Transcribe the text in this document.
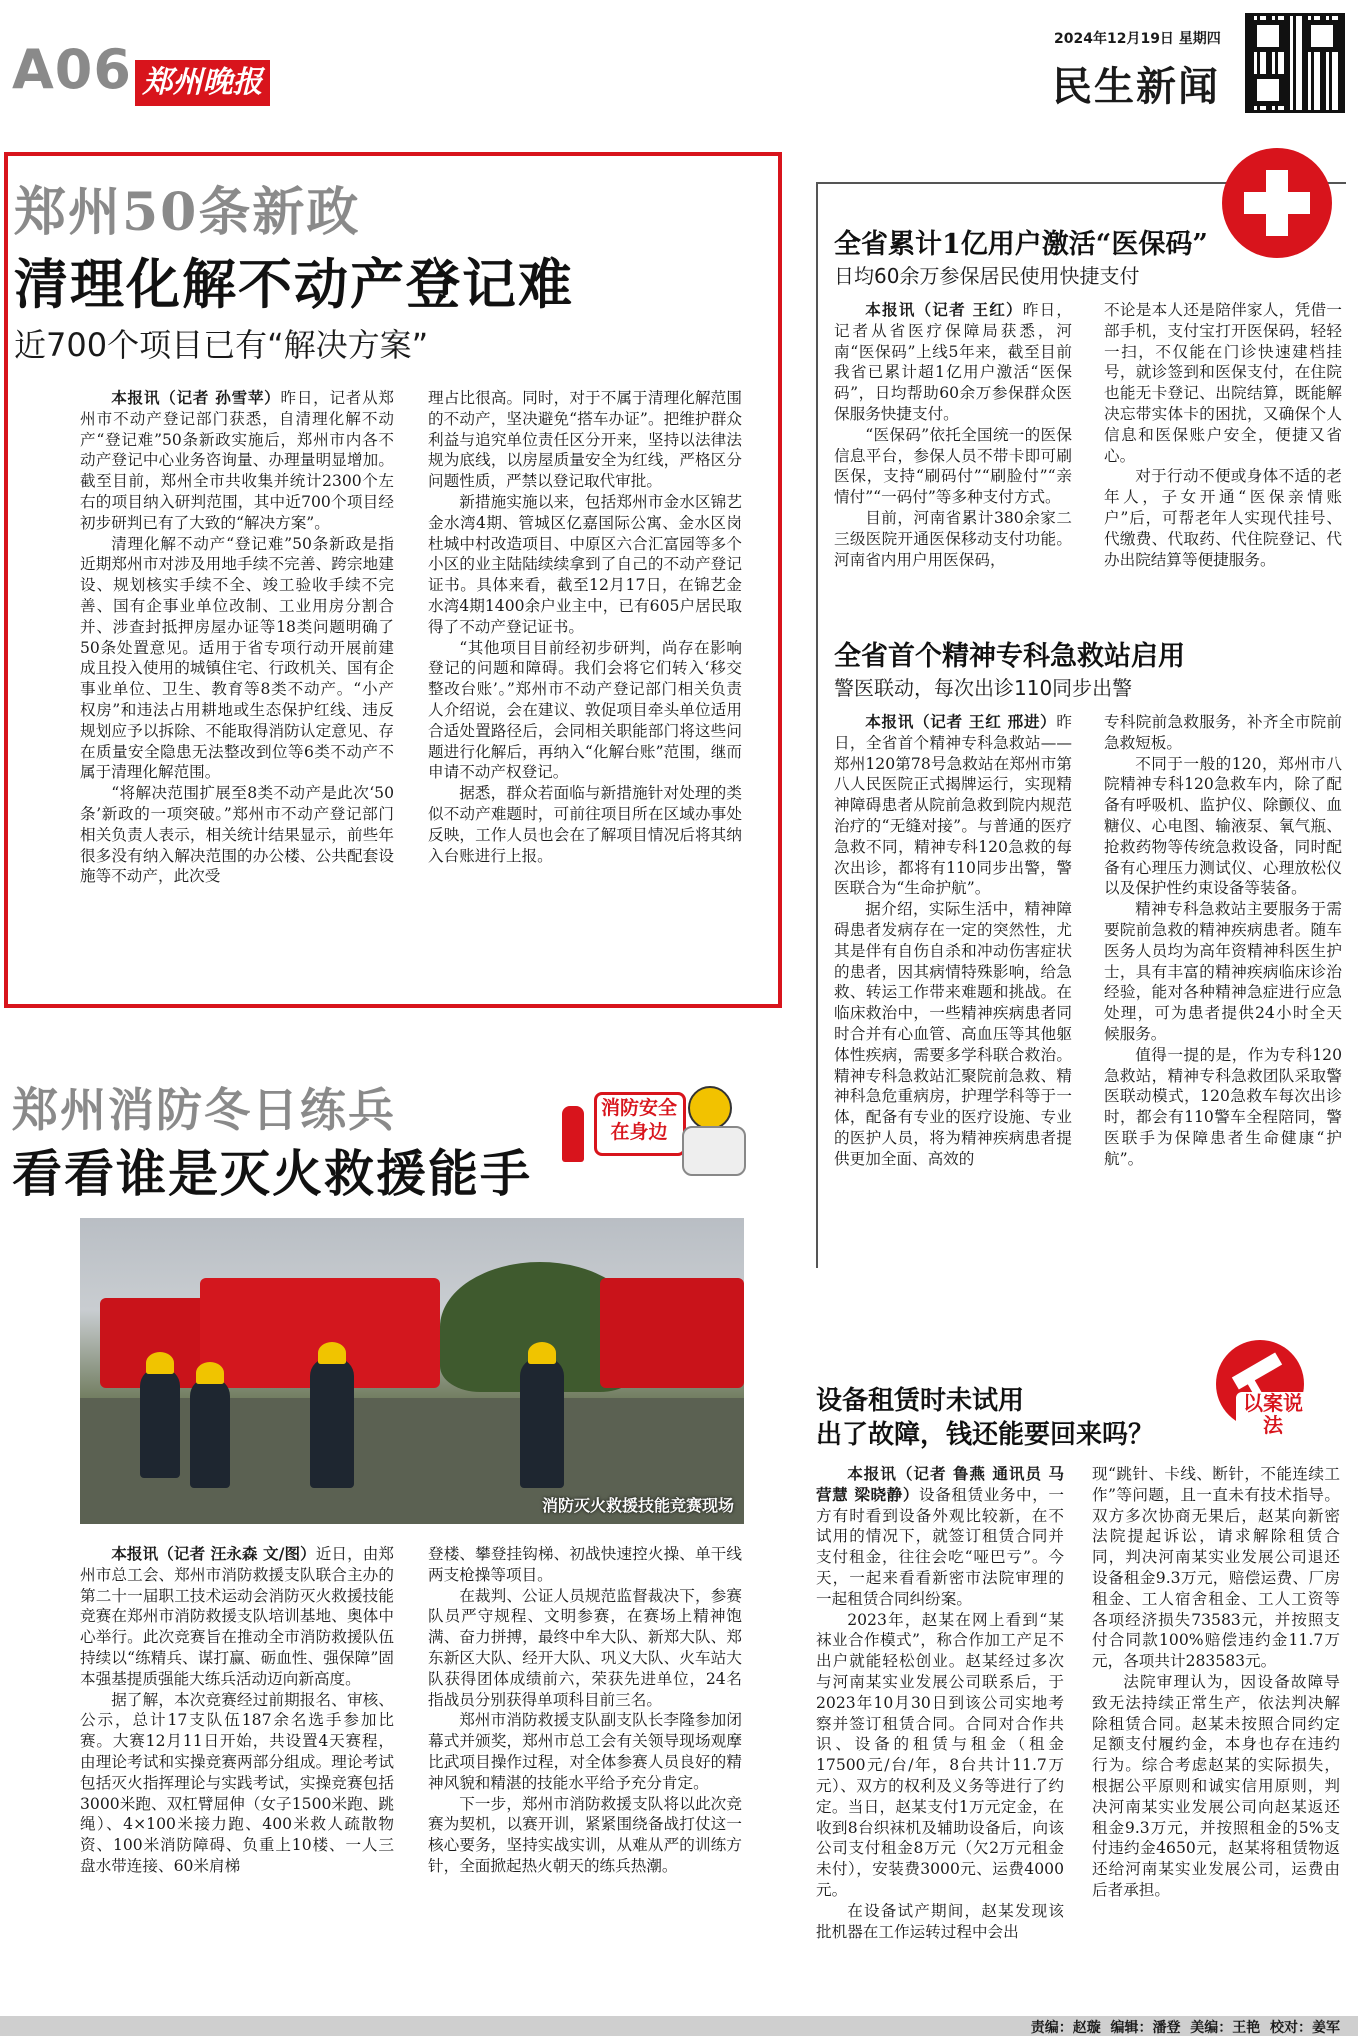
A06 郑州晚报
2024年12月19日 星期四
民生新闻
郑州50条新政
清理化解不动产登记难
近700个项目已有“解决方案”

本报讯（记者 孙雪苹）昨日，记者从郑州市不动产登记部门获悉，自清理化解不动产“登记难”50条新政实施后，郑州市内各不动产登记中心业务咨询量、办理量明显增加。截至目前，郑州全市共收集并统计2300个左右的项目纳入研判范围，其中近700个项目经初步研判已有了大致的“解决方案”。

清理化解不动产“登记难”50条新政是指近期郑州市对涉及用地手续不完善、跨宗地建设、规划核实手续不全、竣工验收手续不完善、国有企事业单位改制、工业用房分割合并、涉查封抵押房屋办证等18类问题明确了50条处置意见。适用于省专项行动开展前建成且投入使用的城镇住宅、行政机关、国有企事业单位、卫生、教育等8类不动产。“小产权房”和违法占用耕地或生态保护红线、违反规划应予以拆除、不能取得消防认定意见、存在质量安全隐患无法整改到位等6类不动产不属于清理化解范围。

“将解决范围扩展至8类不动产是此次‘50条’新政的一项突破。”郑州市不动产登记部门相关负责人表示，相关统计结果显示，前些年很多没有纳入解决范围的办公楼、公共配套设施等不动产，此次受

理占比很高。同时，对于不属于清理化解范围的不动产，坚决避免“搭车办证”。把维护群众利益与追究单位责任区分开来，坚持以法律法规为底线，以房屋质量安全为红线，严格区分问题性质，严禁以登记取代审批。

新措施实施以来，包括郑州市金水区锦艺金水湾4期、管城区亿嘉国际公寓、金水区岗杜城中村改造项目、中原区六合汇富园等多个小区的业主陆陆续续拿到了自己的不动产登记证书。具体来看，截至12月17日，在锦艺金水湾4期1400余户业主中，已有605户居民取得了不动产登记证书。

“其他项目目前经初步研判，尚存在影响登记的问题和障碍。我们会将它们转入‘移交整改台账’。”郑州市不动产登记部门相关负责人介绍说，会在建议、敦促项目牵头单位适用合适处置路径后，会同相关职能部门将这些问题进行化解后，再纳入“化解台账”范围，继而申请不动产权登记。

据悉，群众若面临与新措施针对处理的类似不动产难题时，可前往项目所在区域办事处反映，工作人员也会在了解项目情况后将其纳入台账进行上报。

郑州消防冬日练兵
看看谁是灭火救援能手
消防安全在身边
消防灭火救援技能竞赛现场

本报讯（记者 汪永森 文/图）近日，由郑州市总工会、郑州市消防救援支队联合主办的第二十一届职工技术运动会消防灭火救援技能竞赛在郑州市消防救援支队培训基地、奥体中心举行。此次竞赛旨在推动全市消防救援队伍持续以“练精兵、谋打赢、砺血性、强保障”固本强基提质强能大练兵活动迈向新高度。

据了解，本次竞赛经过前期报名、审核、公示，总计17支队伍187余名选手参加比赛。大赛12月11日开始，共设置4天赛程，由理论考试和实操竞赛两部分组成。理论考试包括灭火指挥理论与实践考试，实操竞赛包括3000米跑、双杠臂屈伸（女子1500米跑、跳绳）、4×100米接力跑、400米救人疏散物资、100米消防障碍、负重上10楼、一人三盘水带连接、60米肩梯

登楼、攀登挂钩梯、初战快速控火操、单干线两支枪操等项目。

在裁判、公证人员规范监督裁决下，参赛队员严守规程、文明参赛，在赛场上精神饱满、奋力拼搏，最终中牟大队、新郑大队、郑东新区大队、经开大队、巩义大队、火车站大队获得团体成绩前六，荣获先进单位，24名指战员分别获得单项科目前三名。

郑州市消防救援支队副支队长李隆参加闭幕式并颁奖，郑州市总工会有关领导现场观摩比武项目操作过程，对全体参赛人员良好的精神风貌和精湛的技能水平给予充分肯定。

下一步，郑州市消防救援支队将以此次竞赛为契机，以赛开训，紧紧围绕备战打仗这一核心要务，坚持实战实训，从难从严的训练方针，全面掀起热火朝天的练兵热潮。

全省累计1亿用户激活“医保码”
日均60余万参保居民使用快捷支付

本报讯（记者 王红）昨日，记者从省医疗保障局获悉，河南“医保码”上线5年来，截至目前我省已累计超1亿用户激活“医保码”，日均帮助60余万参保群众医保服务快捷支付。

“医保码”依托全国统一的医保信息平台，参保人员不带卡即可刷医保，支持“刷码付”“刷脸付”“亲情付”“一码付”等多种支付方式。

目前，河南省累计380余家二三级医院开通医保移动支付功能。河南省内用户用医保码，

不论是本人还是陪伴家人，凭借一部手机，支付宝打开医保码，轻轻一扫，不仅能在门诊快速建档挂号，就诊签到和医保支付，在住院也能无卡登记、出院结算，既能解决忘带实体卡的困扰，又确保个人信息和医保账户安全，便捷又省心。

对于行动不便或身体不适的老年人，子女开通“医保亲情账户”后，可帮老年人实现代挂号、代缴费、代取药、代住院登记、代办出院结算等便捷服务。

全省首个精神专科急救站启用
警医联动，每次出诊110同步出警

本报讯（记者 王红 邢进）昨日，全省首个精神专科急救站——郑州120第78号急救站在郑州市第八人民医院正式揭牌运行，实现精神障碍患者从院前急救到院内规范治疗的“无缝对接”。与普通的医疗急救不同，精神专科120急救的每次出诊，都将有110同步出警，警医联合为“生命护航”。

据介绍，实际生活中，精神障碍患者发病存在一定的突然性，尤其是伴有自伤自杀和冲动伤害症状的患者，因其病情特殊影响，给急救、转运工作带来难题和挑战。在临床救治中，一些精神疾病患者同时合并有心血管、高血压等其他躯体性疾病，需要多学科联合救治。精神专科急救站汇聚院前急救、精神科急危重病房，护理学科等于一体，配备有专业的医疗设施、专业的医护人员，将为精神疾病患者提供更加全面、高效的

专科院前急救服务，补齐全市院前急救短板。

不同于一般的120，郑州市八院精神专科120急救车内，除了配备有呼吸机、监护仪、除颤仪、血糖仪、心电图、输液泵、氧气瓶、抢救药物等传统急救设备，同时配备有心理压力测试仪、心理放松仪以及保护性约束设备等装备。

精神专科急救站主要服务于需要院前急救的精神疾病患者。随车医务人员均为高年资精神科医生护士，具有丰富的精神疾病临床诊治经验，能对各种精神急症进行应急处理，可为患者提供24小时全天候服务。

值得一提的是，作为专科120急救站，精神专科急救团队采取警医联动模式，120急救车每次出诊时，都会有110警车全程陪同，警医联手为保障患者生命健康“护航”。

设备租赁时未试用
出了故障，钱还能要回来吗？
以案说法

本报讯（记者 鲁燕 通讯员 马营慧 梁晓静）设备租赁业务中，一方有时看到设备外观比较新，在不试用的情况下，就签订租赁合同并支付租金，往往会吃“哑巴亏”。今天，一起来看看新密市法院审理的一起租赁合同纠纷案。

2023年，赵某在网上看到“某袜业合作模式”，称合作加工产足不出户就能轻松创业。赵某经过多次与河南某实业发展公司联系后，于2023年10月30日到该公司实地考察并签订租赁合同。合同对合作共识、设备的租赁与租金（租金17500元/台/年，8台共计11.7万元）、双方的权利及义务等进行了约定。当日，赵某支付1万元定金，在收到8台织袜机及辅助设备后，向该公司支付租金8万元（欠2万元租金未付），安装费3000元、运费4000元。

在设备试产期间，赵某发现该批机器在工作运转过程中会出

现“跳针、卡线、断针，不能连续工作”等问题，且一直未有技术指导。双方多次协商无果后，赵某向新密法院提起诉讼，请求解除租赁合同，判决河南某实业发展公司退还设备租金9.3万元，赔偿运费、厂房租金、工人宿舍租金、工人工资等各项经济损失73583元，并按照支付合同款100%赔偿违约金11.7万元，各项共计283583元。

法院审理认为，因设备故障导致无法持续正常生产，依法判决解除租赁合同。赵某未按照合同约定足额支付履约金，本身也存在违约行为。综合考虑赵某的实际损失，根据公平原则和诚实信用原则，判决河南某实业发展公司向赵某返还租金9.3万元，并按照租金的5%支付违约金4650元，赵某将租赁物返还给河南某实业发展公司，运费由后者承担。

责编：赵璇  编辑：潘登  美编：王艳  校对：姜军
